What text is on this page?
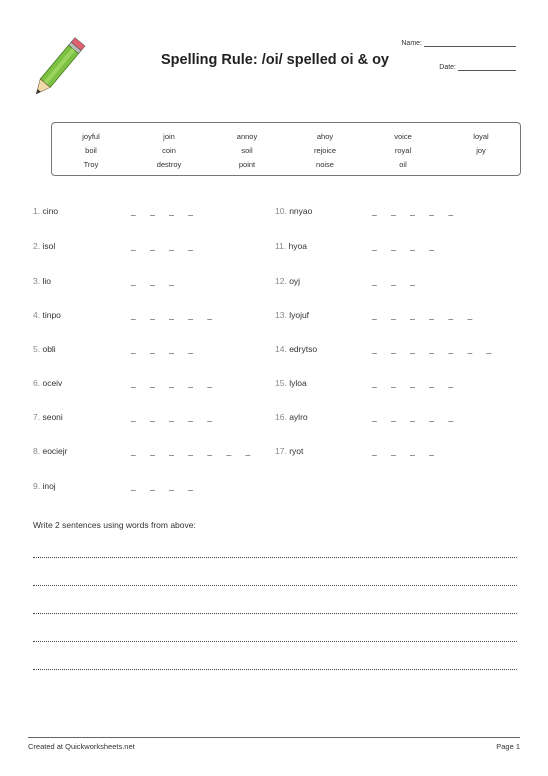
Spelling Rule: /oi/ spelled oi & oy
Name:
Date:
joyful	join	annoy	ahoy	voice	loyal
boil	coin	soil	rejoice	royal	joy
Troy	destroy	point	noise	oil
1. cino	_ _ _ _
2. isol	_ _ _ _
3. lio	_ _ _
4. tinpo	_ _ _ _ _
5. obli	_ _ _ _
6. oceiv	_ _ _ _ _
7. seoni	_ _ _ _ _
8. eociejr	_ _ _ _ _ _ _
9. inoj	_ _ _ _
10. nnyao	_ _ _ _ _
11. hyoa	_ _ _ _
12. oyj	_ _ _
13. lyojuf	_ _ _ _ _ _
14. edrytso	_ _ _ _ _ _ _
15. lyloa	_ _ _ _ _
16. aylro	_ _ _ _ _
17. ryot	_ _ _ _
Write 2 sentences using words from above:
Created at Quickworksheets.net	Page 1
